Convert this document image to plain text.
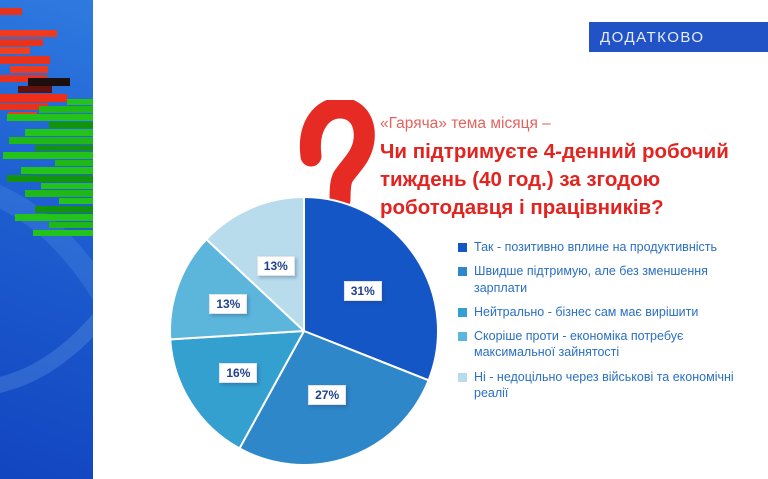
ДОДАТКОВО
«Гаряча» тема місяця –
Чи підтримуєте 4-денний робочий тиждень (40 год.) за згодою роботодавця і працівників?
31%
27%
16%
13%
13%
Так - позитивно вплине на продуктивність
Швидше підтримую, але без зменшення зарплати
Нейтрально - бізнес сам має вирішити
Скоріше проти - економіка потребує максимальної зайнятості
Ні - недоцільно через військові та економічні реалії
